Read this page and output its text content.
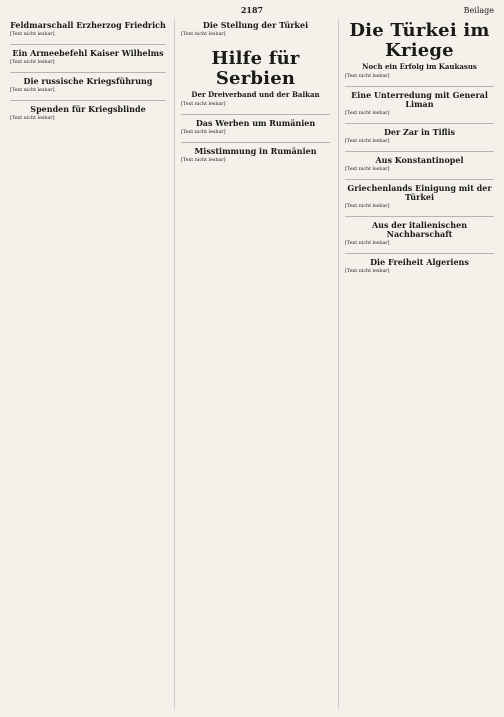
2187	Beilage
Feldmarschall Erzherzog Friedrich
[Text nicht lesbar]
Ein Armeebefehl Kaiser Wilhelms
[Text nicht lesbar]
Die russische Kriegsführung
[Text nicht lesbar]
Spenden für Kriegsblinde
[Text nicht lesbar]
Die Stellung der Türkei
[Text nicht lesbar]
Hilfe für Serbien
Der Dreiverband und der Balkan
[Text nicht lesbar]
Das Werben um Rumänien
[Text nicht lesbar]
Misstimmung in Rumänien
[Text nicht lesbar]
Die Türkei im Kriege
Noch ein Erfolg im Kaukasus
[Text nicht lesbar]
Eine Unterredung mit General Liman
[Text nicht lesbar]
Der Zar in Tiflis
[Text nicht lesbar]
Aus Konstantinopel
[Text nicht lesbar]
Griechenlands Einigung mit der Türkei
[Text nicht lesbar]
Aus der italienischen Nachbarschaft
[Text nicht lesbar]
Die Freiheit Algeriens
[Text nicht lesbar]
